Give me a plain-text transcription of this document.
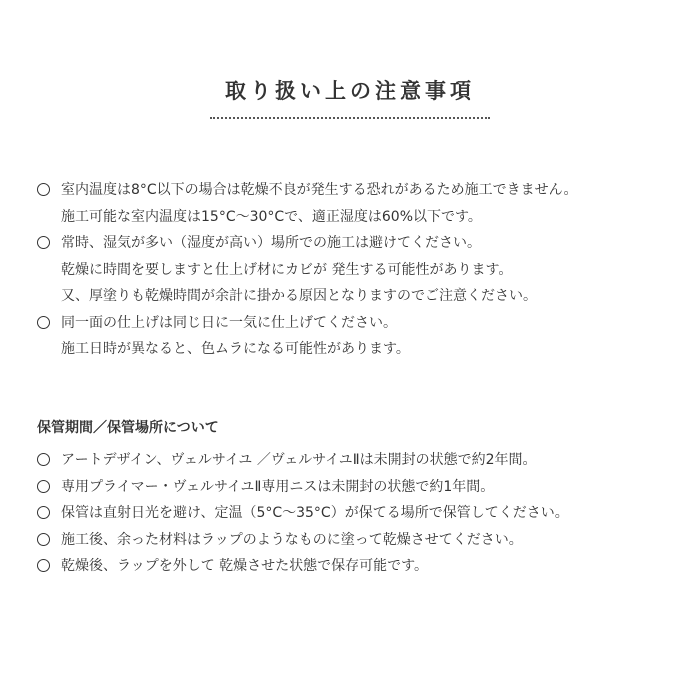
取り扱い上の注意事項
室内温度は8°C以下の場合は乾燥不良が発生する恐れがあるため施工できません。
施工可能な室内温度は15°C〜30°Cで、適正湿度は60%以下です。
常時、湿気が多い（湿度が高い）場所での施工は避けてください。
乾燥に時間を要しますと仕上げ材にカビが 発生する可能性があります。
又、厚塗りも乾燥時間が余計に掛かる原因となりますのでご注意ください。
同一面の仕上げは同じ日に一気に仕上げてください。
施工日時が異なると、色ムラになる可能性があります。
保管期間／保管場所について
アートデザイン、ヴェルサイユ ／ヴェルサイユⅡは未開封の状態で約2年間。
専用プライマー・ヴェルサイユⅡ専用ニスは未開封の状態で約1年間。
保管は直射日光を避け、定温（5°C〜35°C）が保てる場所で保管してください。
施工後、余った材料はラップのようなものに塗って乾燥させてください。
乾燥後、ラップを外して 乾燥させた状態で保存可能です。
